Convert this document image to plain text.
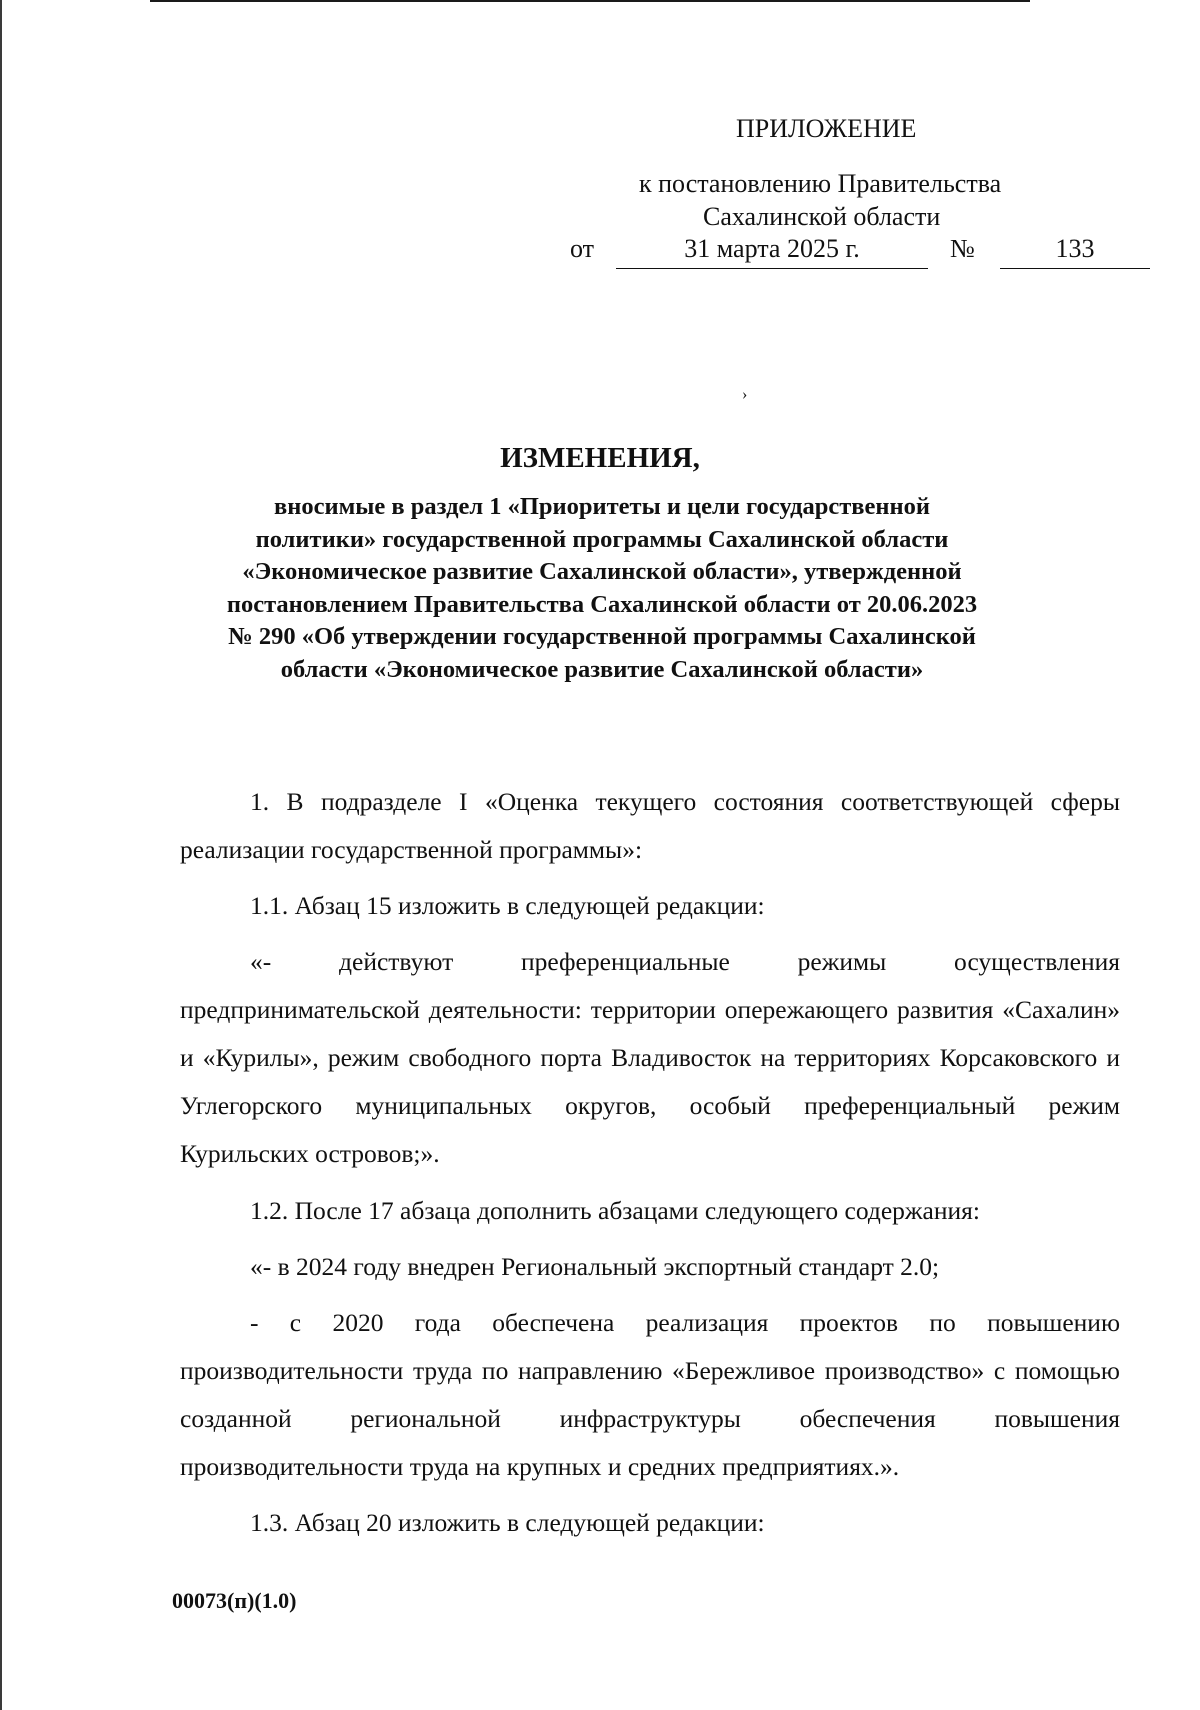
ПРИЛОЖЕНИЕ
к постановлению Правительства
Сахалинской области
от	31 марта 2025 г.	№	133
›
ИЗМЕНЕНИЯ,
вносимые в раздел 1 «Приоритеты и цели государственной
политики» государственной программы Сахалинской области
«Экономическое развитие Сахалинской области», утвержденной
постановлением Правительства Сахалинской области от 20.06.2023
№ 290 «Об утверждении государственной программы Сахалинской
области «Экономическое развитие Сахалинской области»

1. В подразделе I «Оценка текущего состояния соответствующей сферы реализации государственной программы»:

1.1. Абзац 15 изложить в следующей редакции:

«- действуют преференциальные режимы осуществления предпринимательской деятельности: территории опережающего развития «Сахалин» и «Курилы», режим свободного порта Владивосток на территориях Корсаковского и Углегорского муниципальных округов, особый преференциальный режим Курильских островов;».

1.2. После 17 абзаца дополнить абзацами следующего содержания:

«- в 2024 году внедрен Региональный экспортный стандарт 2.0;

- с 2020 года обеспечена реализация проектов по повышению производительности труда по направлению «Бережливое производство» с помощью созданной региональной инфраструктуры обеспечения повышения производительности труда на крупных и средних предприятиях.».

1.3. Абзац 20 изложить в следующей редакции:

00073(п)(1.0)
